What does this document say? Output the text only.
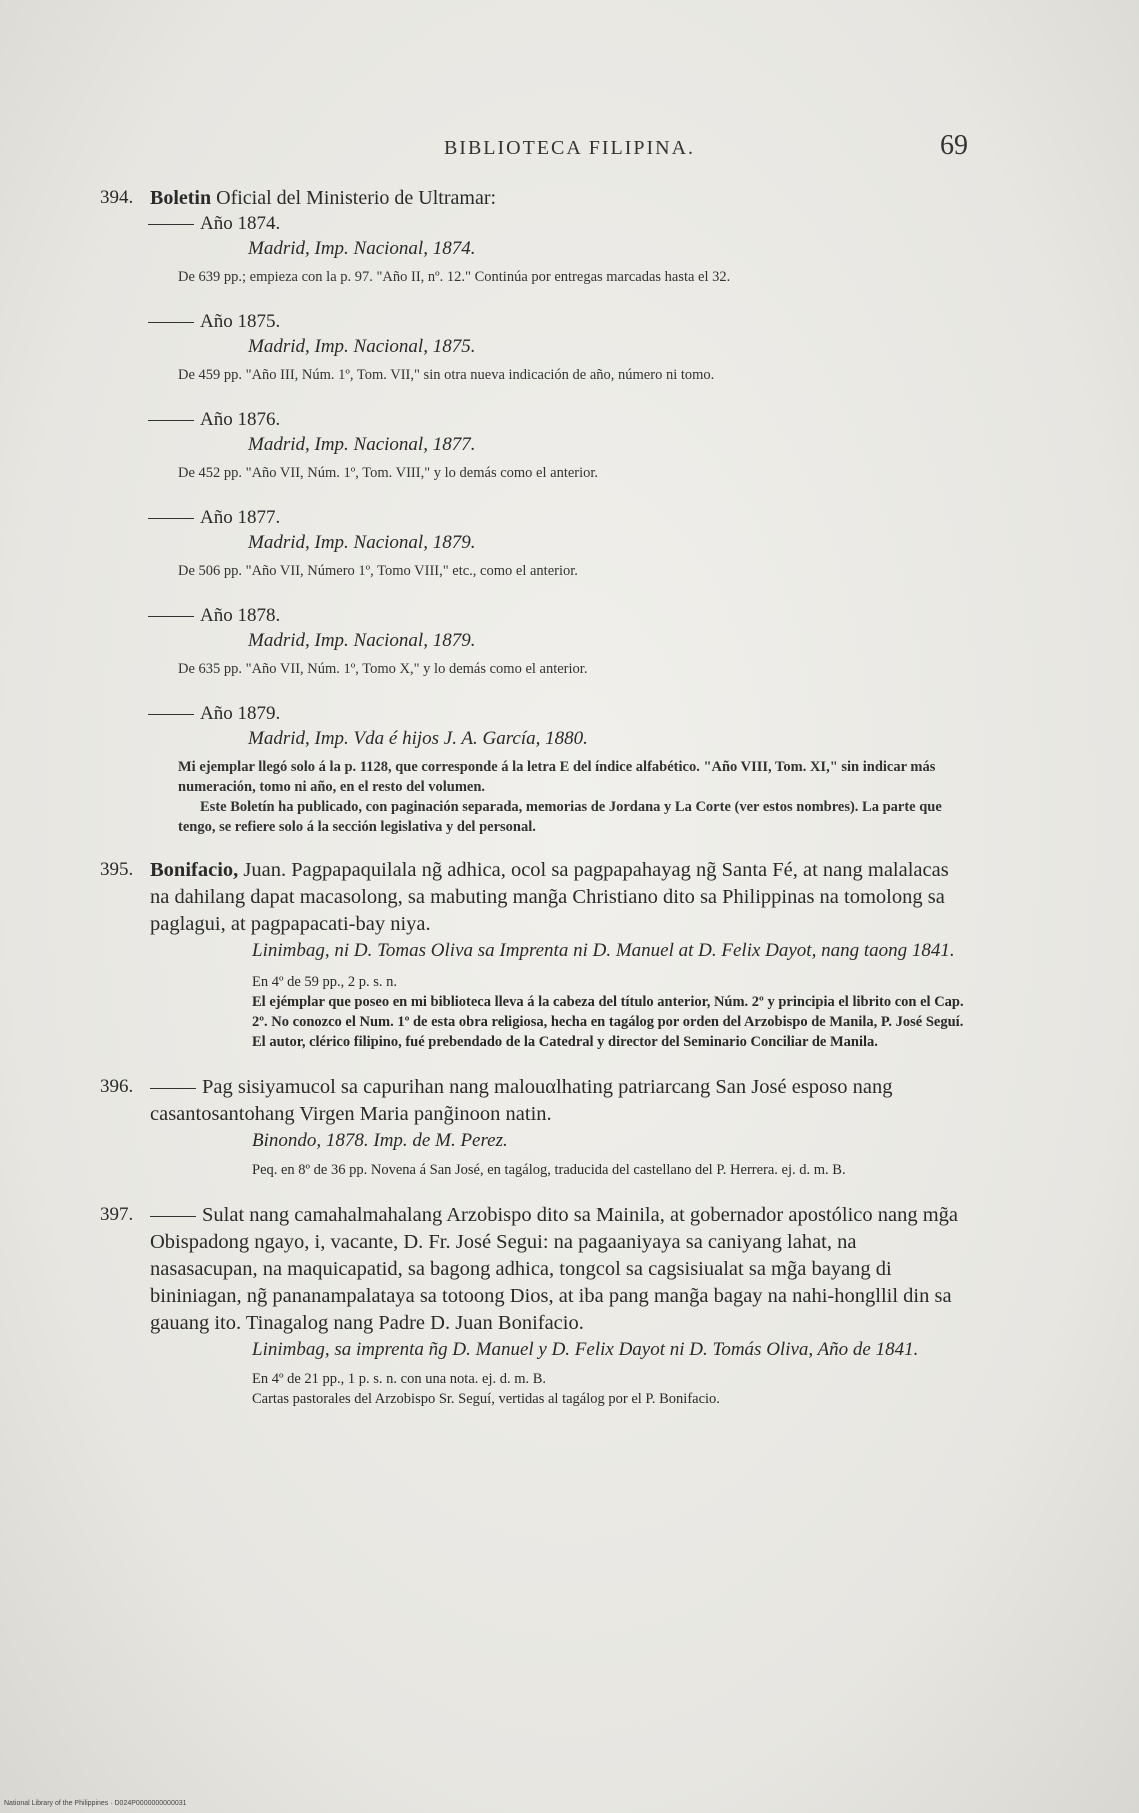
BIBLIOTECA FILIPINA.	69
394. Boletin Oficial del Ministerio de Ultramar:
Año 1874.
Madrid, Imp. Nacional, 1874.
De 639 pp.; empieza con la p. 97. "Año II, nº. 12." Continúa por entregas marcadas hasta el 32.
Año 1875.
Madrid, Imp. Nacional, 1875.
De 459 pp. "Año III, Núm. 1º, Tom. VII," sin otra nueva indicación de año, número ni tomo.
Año 1876.
Madrid, Imp. Nacional, 1877.
De 452 pp. "Año VII, Núm. 1º, Tom. VIII," y lo demás como el anterior.
Año 1877.
Madrid, Imp. Nacional, 1879.
De 506 pp. "Año VII, Número 1º, Tomo VIII," etc., como el anterior.
Año 1878.
Madrid, Imp. Nacional, 1879.
De 635 pp. "Año VII, Núm. 1º, Tomo X," y lo demás como el anterior.
Año 1879.
Madrid, Imp. Vda é hijos J. A. García, 1880.
Mi ejemplar llegó solo á la p. 1128, que corresponde á la letra E del índice alfabético. "Año VIII, Tom. XI," sin indicar más numeración, tomo ni año, en el resto del volumen.
Este Boletín ha publicado, con paginación separada, memorias de Jordana y La Corte (ver estos nombres). La parte que tengo, se refiere solo á la sección legislativa y del personal.
395. Bonifacio, Juan. Pagpapaquilala ng̃ adhica, ocol sa pagpapahayag ng̃ Santa Fé, at nang malalacas na dahilang dapat macasolong, sa mabuting mang̃a Christiano dito sa Philippinas na tomolong sa paglagui, at pagpapacati-bay niya.
Linimbag, ni D. Tomas Oliva sa Imprenta ni D. Manuel at D. Felix Dayot, nang taong 1841.
En 4º de 59 pp., 2 p. s. n.
El ejémplar que poseo en mi biblioteca lleva á la cabeza del título anterior, Núm. 2º y principia el librito con el Cap. 2º. No conozco el Num. 1º de esta obra religiosa, hecha en tagálog por orden del Arzobispo de Manila, P. José Seguí. El autor, clérico filipino, fué prebendado de la Catedral y director del Seminario Conciliar de Manila.
396.	Pag sisiyamucol sa capurihan nang malouαlhating patriarcang San José esposo nang casantosantohang Virgen Maria pang̃inoon natin.
Binondo, 1878. Imp. de M. Perez.
Peq. en 8º de 36 pp. Novena á San José, en tagálog, traducida del castellano del P. Herrera. ej. d. m. B.
397.	Sulat nang camahalmahalang Arzobispo dito sa Mainila, at gobernador apostólico nang mg̃a Obispadong ngayo, i, vacante, D. Fr. José Segui: na pagaaniyaya sa caniyang lahat, na nasasacupan, na maquicapatid, sa bagong adhica, tongcol sa cagsisiualat sa mg̃a bayang di bininiagan, ng̃ pananampalataya sa totoong Dios, at iba pang mang̃a bagay na nahi-hongllil din sa gauang ito. Tinagalog nang Padre D. Juan Bonifacio.
Linimbag, sa imprenta ñg D. Manuel y D. Felix Dayot ni D. Tomás Oliva, Año de 1841.
En 4º de 21 pp., 1 p. s. n. con una nota. ej. d. m. B.
Cartas pastorales del Arzobispo Sr. Seguí, vertidas al tagálog por el P. Bonifacio.
National Library of the Philippines · D024P0000000000031
